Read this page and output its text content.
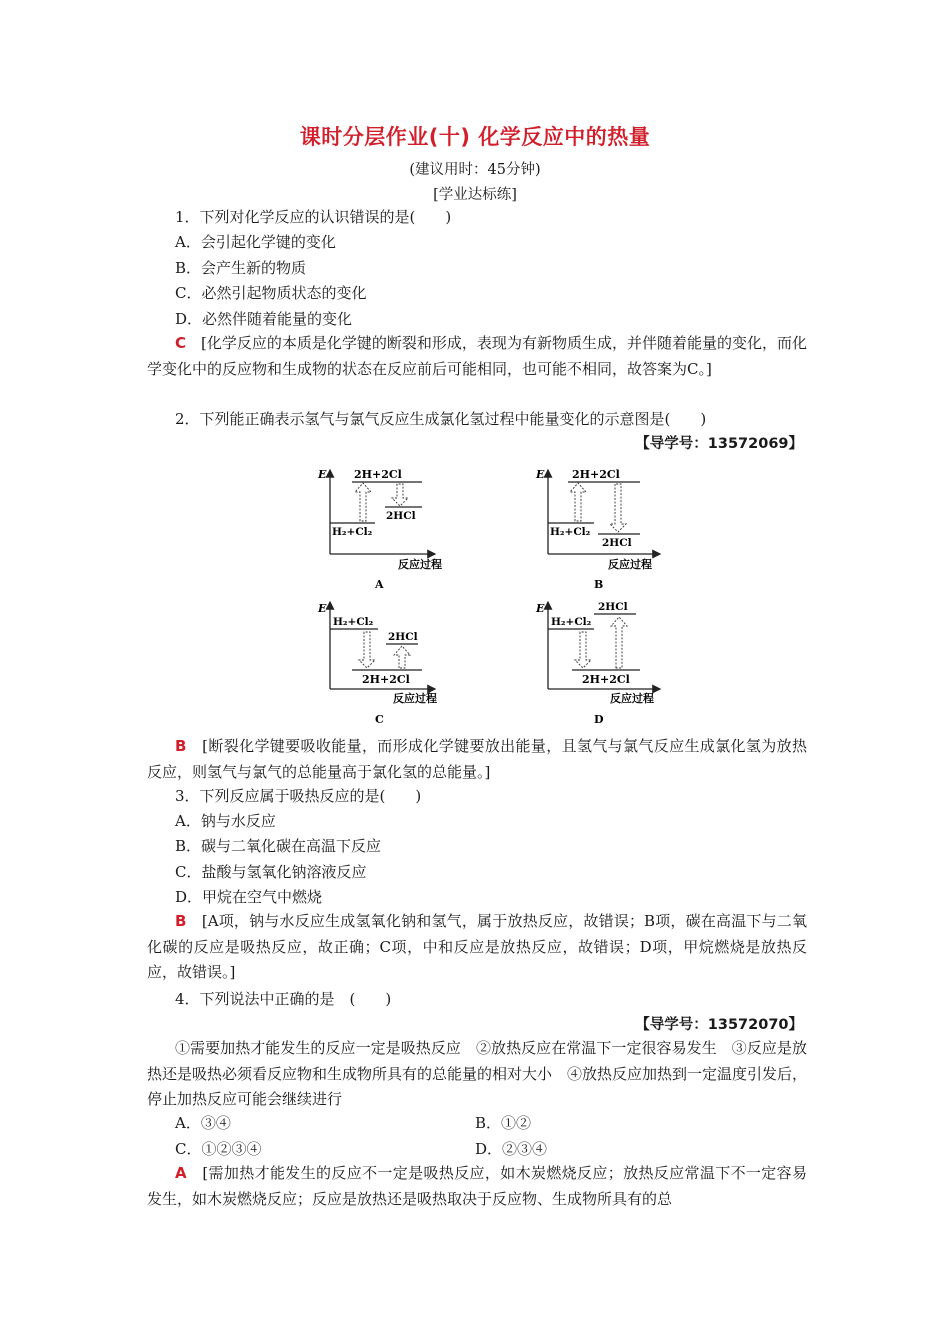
课时分层作业(十) 化学反应中的热量
(建议用时：45分钟)
[学业达标练]
1．下列对化学反应的认识错误的是(　　)
A．会引起化学键的变化
B．会产生新的物质
C．必然引起物质状态的变化
D．必然伴随着能量的变化
C　 [化学反应的本质是化学键的断裂和形成，表现为有新物质生成，并伴随着能量的变化，而化学变化中的反应物和生成物的状态在反应前后可能相同，也可能不相同，故答案为C。]
2．下列能正确表示氢气与氯气反应生成氯化氢过程中能量变化的示意图是(　　)
【导学号：13572069】
E	2H+2Cl
H₂+Cl₂
2HCl
反应过程
A
E	2H+2Cl
H₂+Cl₂
2HCl
反应过程
B
E
H₂+Cl₂
2HCl
2H+2Cl
反应过程
C
E
H₂+Cl₂
2HCl
2H+2Cl
反应过程
D
B　 [断裂化学键要吸收能量，而形成化学键要放出能量，且氢气与氯气反应生成氯化氢为放热反应，则氢气与氯气的总能量高于氯化氢的总能量。]
3．下列反应属于吸热反应的是(　　)
A．钠与水反应
B．碳与二氧化碳在高温下反应
C．盐酸与氢氧化钠溶液反应
D．甲烷在空气中燃烧
B　 [A项，钠与水反应生成氢氧化钠和氢气，属于放热反应，故错误；B项，碳在高温下与二氧化碳的反应是吸热反应，故正确；C项，中和反应是放热反应，故错误；D项，甲烷燃烧是放热反应，故错误。]
4．下列说法中正确的是　(　　)
【导学号：13572070】
①需要加热才能发生的反应一定是吸热反应　②放热反应在常温下一定很容易发生　③反应是放热还是吸热必须看反应物和生成物所具有的总能量的相对大小　④放热反应加热到一定温度引发后，停止加热反应可能会继续进行
A．③④	B．①②
C．①②③④	D．②③④
A　 [需加热才能发生的反应不一定是吸热反应，如木炭燃烧反应；放热反应常温下不一定容易发生，如木炭燃烧反应；反应是放热还是吸热取决于反应物、生成物所具有的总
